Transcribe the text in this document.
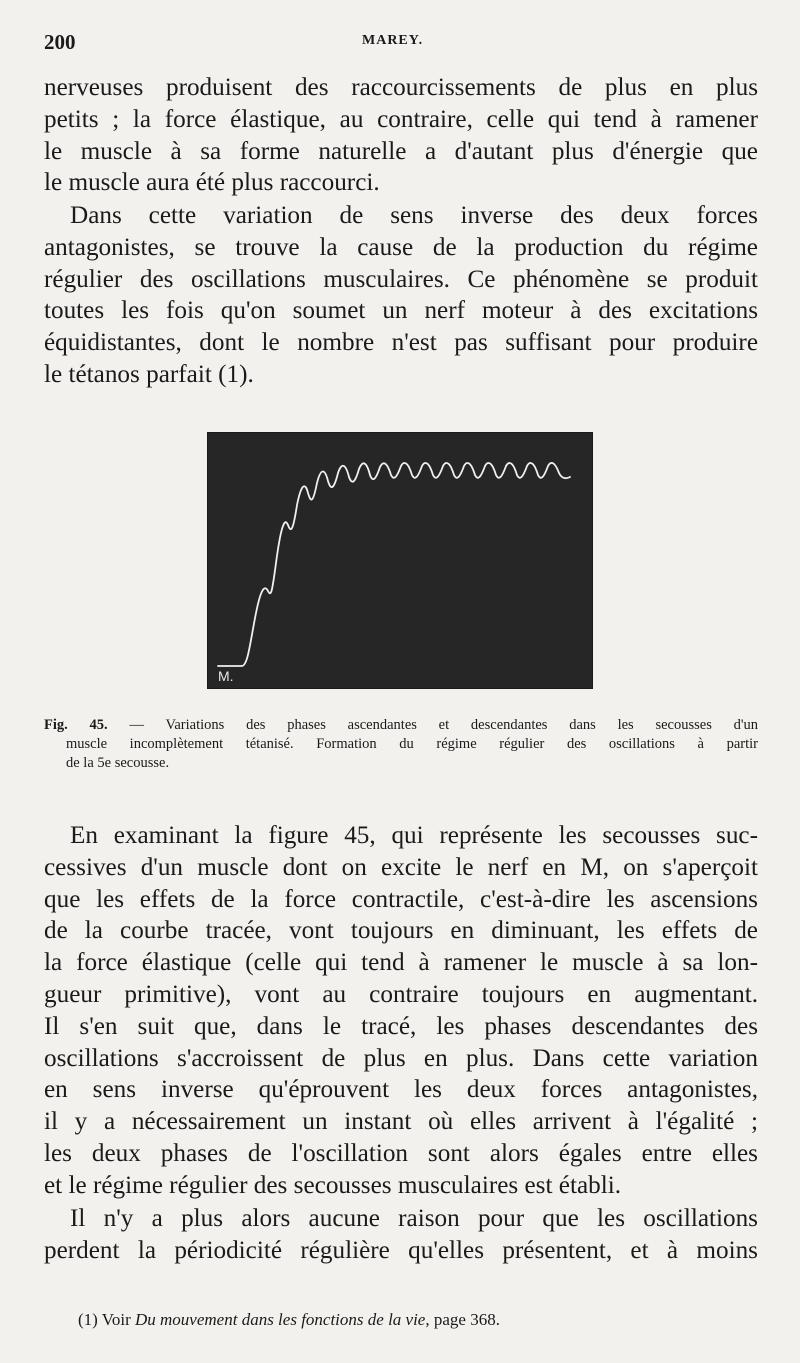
200	MAREY.
nerveuses produisent des raccourcissements de plus en plus
petits ; la force élastique, au contraire, celle qui tend à ramener
le muscle à sa forme naturelle a d'autant plus d'énergie que
le muscle aura été plus raccourci.
Dans cette variation de sens inverse des deux forces
antagonistes, se trouve la cause de la production du régime
régulier des oscillations musculaires. Ce phénomène se produit
toutes les fois qu'on soumet un nerf moteur à des excitations
équidistantes, dont le nombre n'est pas suffisant pour produire
le tétanos parfait (1).
M.
Fig. 45. — Variations des phases ascendantes et descendantes dans les secousses d'un
muscle incomplètement tétanisé. Formation du régime régulier des oscillations à partir
de la 5e secousse.
En examinant la figure 45, qui représente les secousses suc-
cessives d'un muscle dont on excite le nerf en M, on s'aperçoit
que les effets de la force contractile, c'est-à-dire les ascensions
de la courbe tracée, vont toujours en diminuant, les effets de
la force élastique (celle qui tend à ramener le muscle à sa lon-
gueur primitive), vont au contraire toujours en augmentant.
Il s'en suit que, dans le tracé, les phases descendantes des
oscillations s'accroissent de plus en plus. Dans cette variation
en sens inverse qu'éprouvent les deux forces antagonistes,
il y a nécessairement un instant où elles arrivent à l'égalité ;
les deux phases de l'oscillation sont alors égales entre elles
et le régime régulier des secousses musculaires est établi.
Il n'y a plus alors aucune raison pour que les oscillations
perdent la périodicité régulière qu'elles présentent, et à moins
(1) Voir Du mouvement dans les fonctions de la vie, page 368.
